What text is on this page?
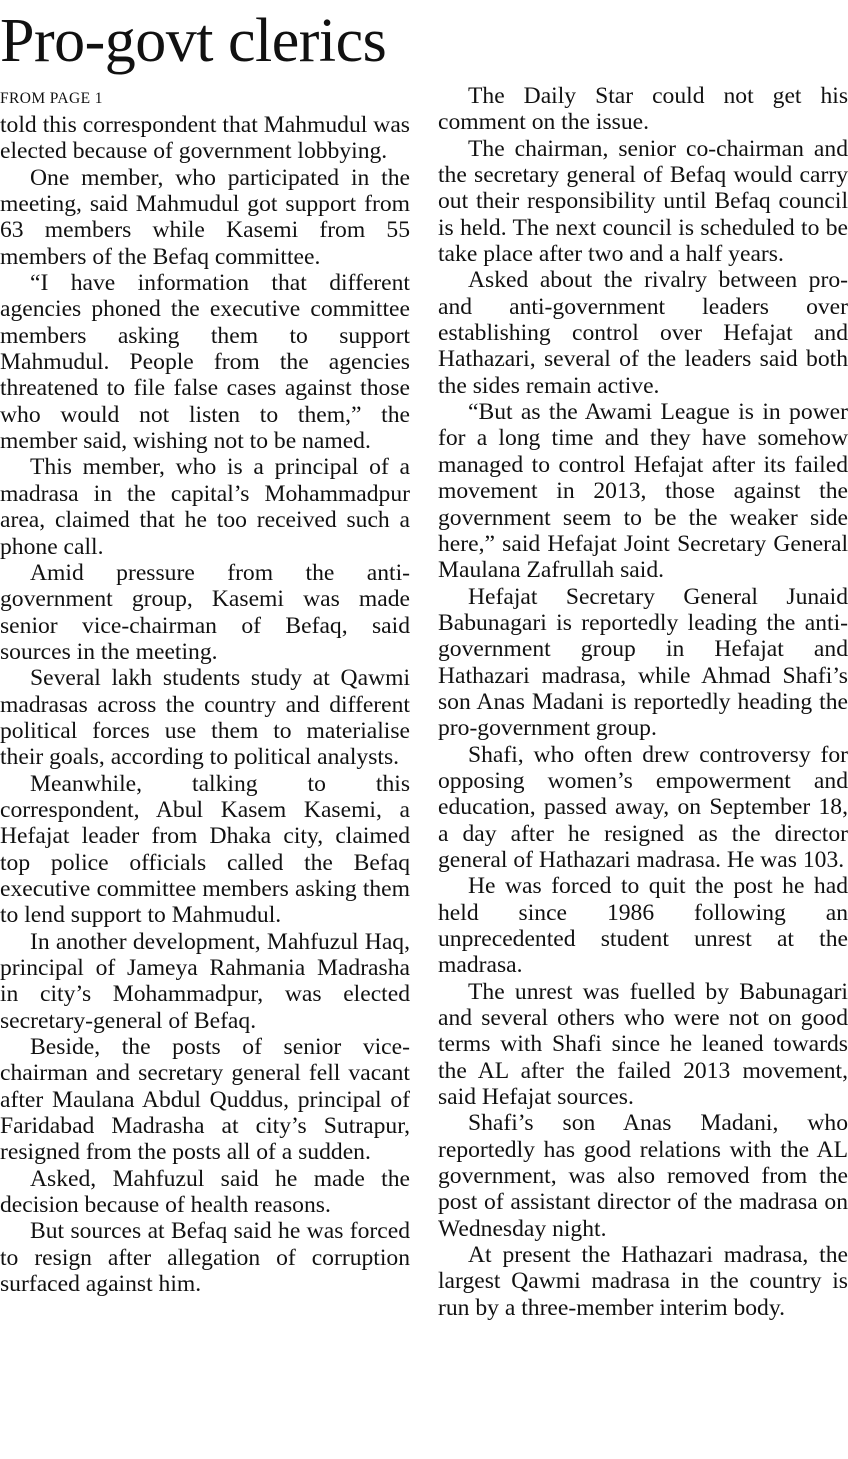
Pro-govt clerics
FROM PAGE 1

told this correspondent that Mahmudul was elected because of government lobbying.

One member, who participated in the meeting, said Mahmudul got support from 63 members while Kasemi from 55 members of the Befaq committee.

“I have information that different agencies phoned the executive committee members asking them to support Mahmudul. People from the agencies threatened to file false cases against those who would not listen to them,” the member said, wishing not to be named.

This member, who is a principal of a madrasa in the capital’s Mohammadpur area, claimed that he too received such a phone call.

Amid pressure from the anti-government group, Kasemi was made senior vice-chairman of Befaq, said sources in the meeting.

Several lakh students study at Qawmi madrasas across the country and different political forces use them to materialise their goals, according to political analysts.

Meanwhile, talking to this correspondent, Abul Kasem Kasemi, a Hefajat leader from Dhaka city, claimed top police officials called the Befaq executive committee members asking them to lend support to Mahmudul.

In another development, Mahfuzul Haq, principal of Jameya Rahmania Madrasha in city’s Mohammadpur, was elected secretary-general of Befaq.

Beside, the posts of senior vice-chairman and secretary general fell vacant after Maulana Abdul Quddus, principal of Faridabad Madrasha at city’s Sutrapur, resigned from the posts all of a sudden.

Asked, Mahfuzul said he made the decision because of health reasons.

But sources at Befaq said he was forced to resign after allegation of corruption surfaced against him.

The Daily Star could not get his comment on the issue.

The chairman, senior co-chairman and the secretary general of Befaq would carry out their responsibility until Befaq council is held. The next council is scheduled to be take place after two and a half years.

Asked about the rivalry between pro- and anti-government leaders over establishing control over Hefajat and Hathazari, several of the leaders said both the sides remain active.

“But as the Awami League is in power for a long time and they have somehow managed to control Hefajat after its failed movement in 2013, those against the government seem to be the weaker side here,” said Hefajat Joint Secretary General Maulana Zafrullah said.

Hefajat Secretary General Junaid Babunagari is reportedly leading the anti-government group in Hefajat and Hathazari madrasa, while Ahmad Shafi’s son Anas Madani is reportedly heading the pro-government group.

Shafi, who often drew controversy for opposing women’s empowerment and education, passed away, on September 18, a day after he resigned as the director general of Hathazari madrasa. He was 103.

He was forced to quit the post he had held since 1986 following an unprecedented student unrest at the madrasa.

The unrest was fuelled by Babunagari and several others who were not on good terms with Shafi since he leaned towards the AL after the failed 2013 movement, said Hefajat sources.

Shafi’s son Anas Madani, who reportedly has good relations with the AL government, was also removed from the post of assistant director of the madrasa on Wednesday night.

At present the Hathazari madrasa, the largest Qawmi madrasa in the country is run by a three-member interim body.
